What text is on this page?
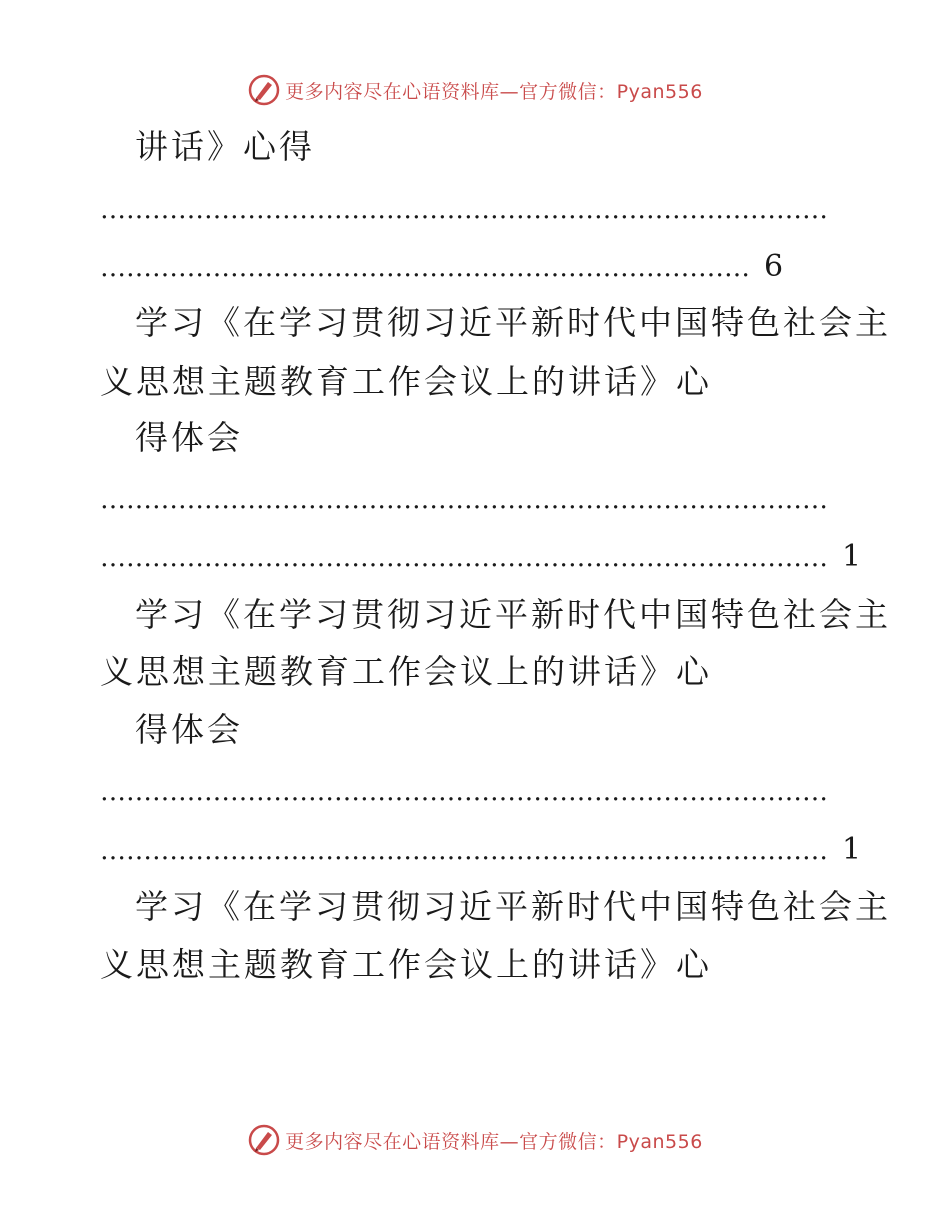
更多内容尽在心语资料库—官方微信：Pyan556
讲话》心得
…………………………………………………………………………
………………………………………………………………… 6
学习《在学习贯彻习近平新时代中国特色社会主
义思想主题教育工作会议上的讲话》心
得体会
…………………………………………………………………………
………………………………………………………………………… 1
学习《在学习贯彻习近平新时代中国特色社会主
义思想主题教育工作会议上的讲话》心
得体会
…………………………………………………………………………
………………………………………………………………………… 1
学习《在学习贯彻习近平新时代中国特色社会主
义思想主题教育工作会议上的讲话》心
更多内容尽在心语资料库—官方微信：Pyan556
